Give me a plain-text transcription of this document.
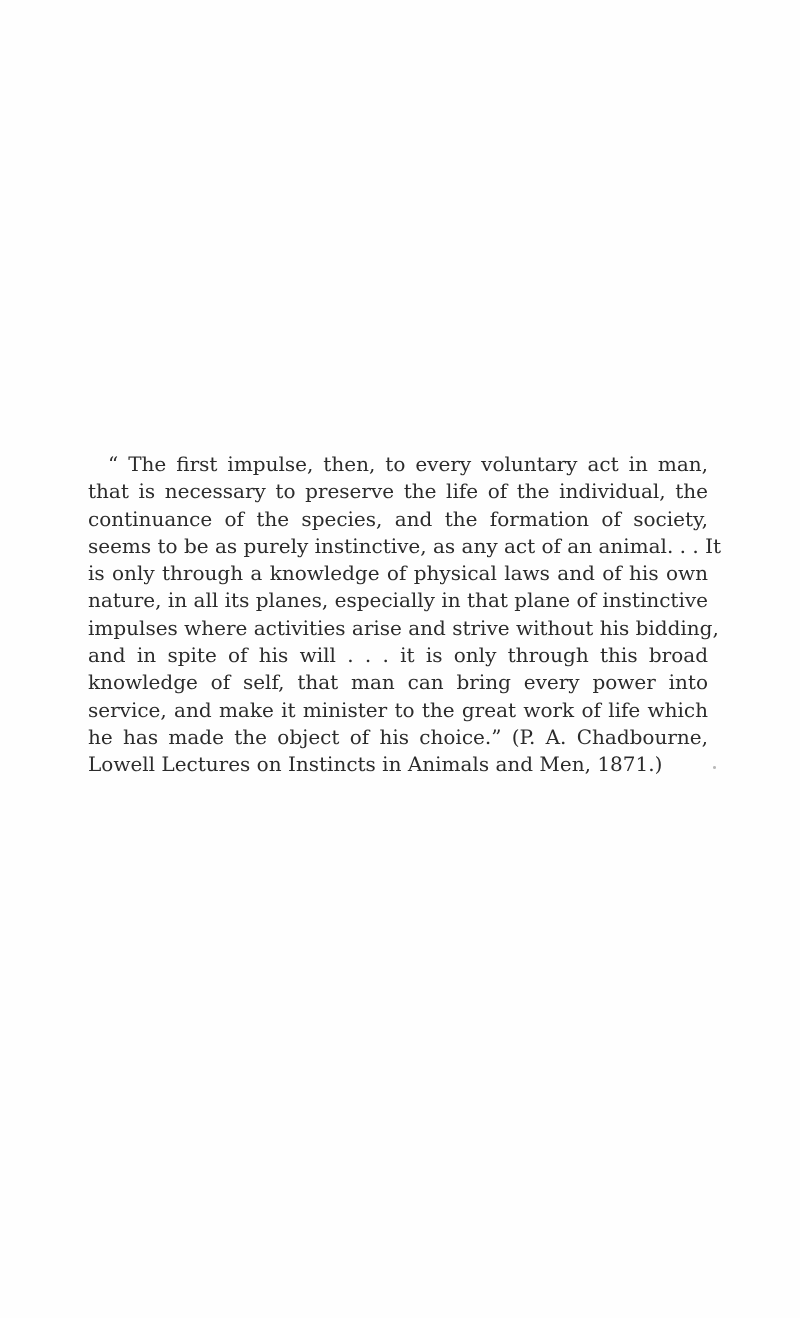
“ The first impulse, then, to every voluntary act in man,
that is necessary to preserve the life of the individual, the
continuance of the species, and the formation of society,
seems to be as purely instinctive, as any act of an animal. . . It
is only through a knowledge of physical laws and of his own
nature, in all its planes, especially in that plane of instinctive
impulses where activities arise and strive without his bidding,
and in spite of his will . . . it is only through this broad
knowledge of self, that man can bring every power into
service, and make it minister to the great work of life which
he has made the object of his choice.” (P. A. Chadbourne,
Lowell Lectures on Instincts in Animals and Men, 1871.)
